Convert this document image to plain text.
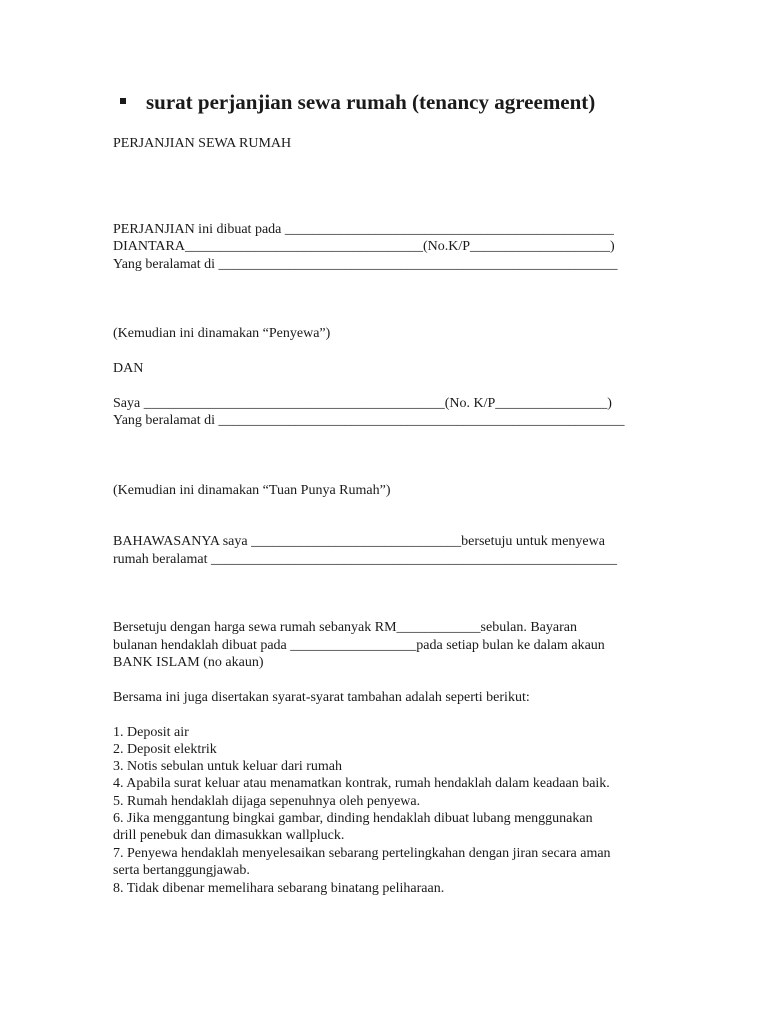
surat perjanjian sewa rumah (tenancy agreement)
PERJANJIAN SEWA RUMAH
PERJANJIAN ini dibuat pada _______________________________________________
DIANTARA__________________________________(No.K/P____________________)
Yang beralamat di _________________________________________________________
(Kemudian ini dinamakan “Penyewa”)
DAN
Saya ___________________________________________(No. K/P________________)
Yang beralamat di __________________________________________________________
(Kemudian ini dinamakan “Tuan Punya Rumah”)
BAHAWASANYA saya ______________________________bersetuju untuk menyewa
rumah beralamat __________________________________________________________
Bersetuju dengan harga sewa rumah sebanyak RM____________sebulan. Bayaran
bulanan hendaklah dibuat pada __________________pada setiap bulan ke dalam akaun
BANK ISLAM (no akaun)
Bersama ini juga disertakan syarat-syarat tambahan adalah seperti berikut:
1. Deposit air
2. Deposit elektrik
3. Notis sebulan untuk keluar dari rumah
4. Apabila surat keluar atau menamatkan kontrak, rumah hendaklah dalam keadaan baik.
5. Rumah hendaklah dijaga sepenuhnya oleh penyewa.
6. Jika menggantung bingkai gambar, dinding hendaklah dibuat lubang menggunakan
drill penebuk dan dimasukkan wallpluck.
7. Penyewa hendaklah menyelesaikan sebarang pertelingkahan dengan jiran secara aman
serta bertanggungjawab.
8. Tidak dibenar memelihara sebarang binatang peliharaan.
